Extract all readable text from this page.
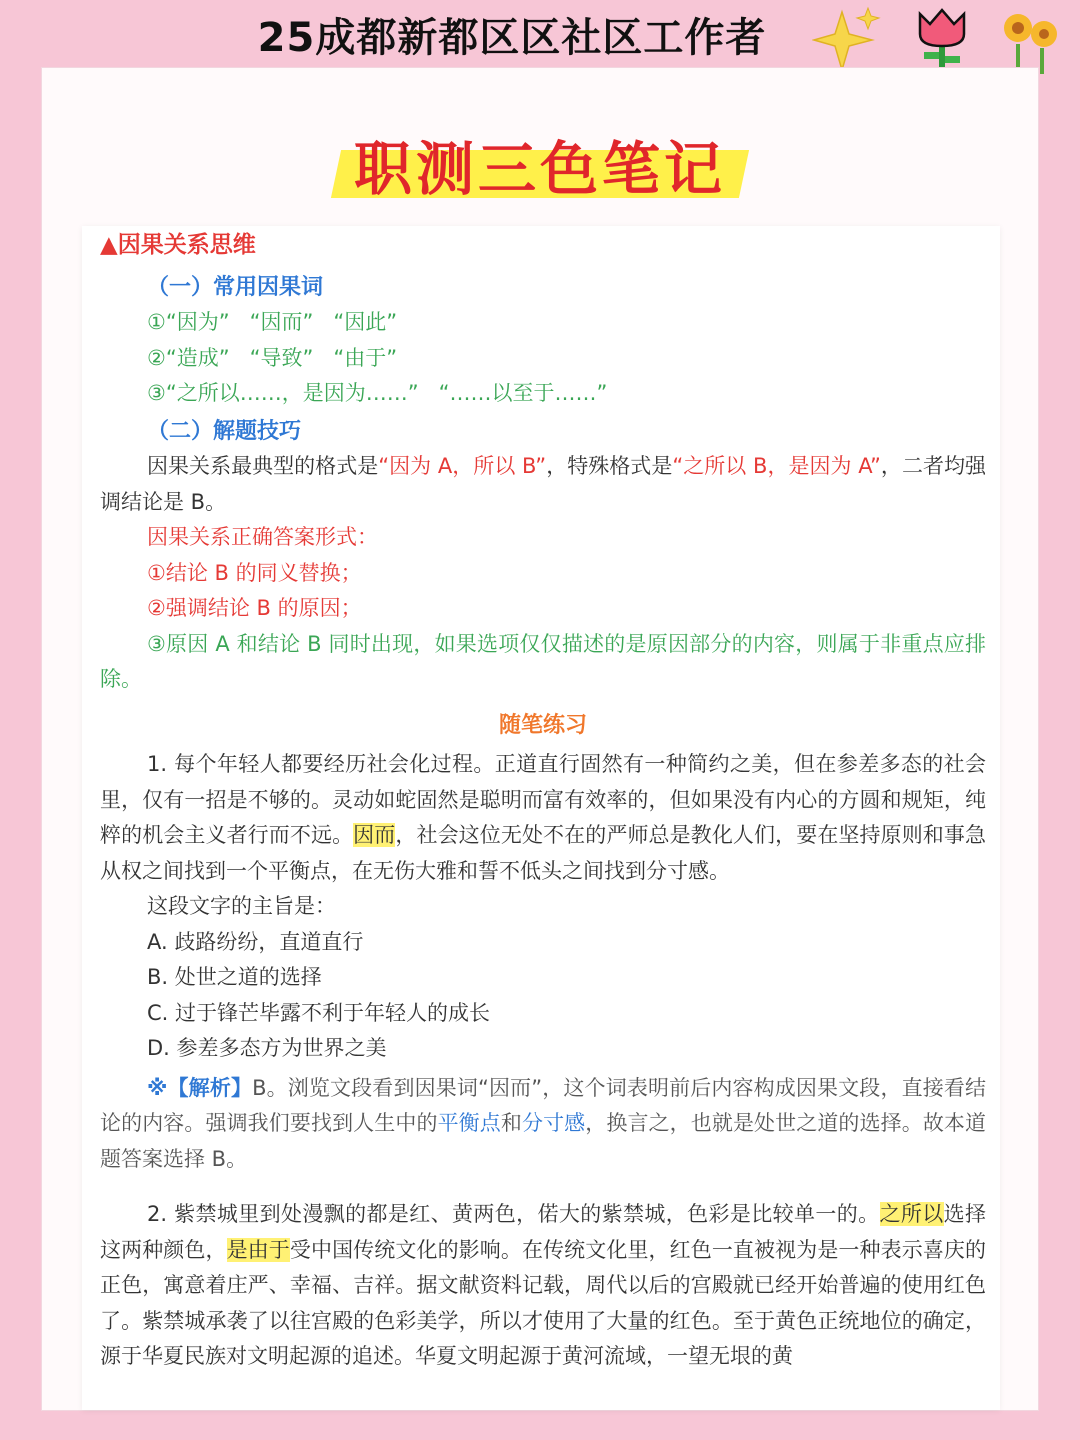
25成都新都区区社区工作者
职测三色笔记

▲因果关系思维

（一）常用因果词

①“因为”   “因而”   “因此”

②“造成”   “导致”   “由于”

③“之所以……，是因为……”   “……以至于……”

（二）解题技巧

因果关系最典型的格式是“因为 A，所以 B”，特殊格式是“之所以 B，是因为 A”，二者均强调结论是 B。

因果关系正确答案形式：

①结论 B 的同义替换；

②强调结论 B 的原因；

③原因 A 和结论 B 同时出现，如果选项仅仅描述的是原因部分的内容，则属于非重点应排除。

随笔练习

1. 每个年轻人都要经历社会化过程。正道直行固然有一种简约之美，但在参差多态的社会里，仅有一招是不够的。灵动如蛇固然是聪明而富有效率的，但如果没有内心的方圆和规矩，纯粹的机会主义者行而不远。因而，社会这位无处不在的严师总是教化人们，要在坚持原则和事急从权之间找到一个平衡点，在无伤大雅和誓不低头之间找到分寸感。

这段文字的主旨是：

A. 歧路纷纷，直道直行

B. 处世之道的选择

C. 过于锋芒毕露不利于年轻人的成长

D. 参差多态方为世界之美

※【解析】B。浏览文段看到因果词“因而”，这个词表明前后内容构成因果文段，直接看结论的内容。强调我们要找到人生中的平衡点和分寸感，换言之，也就是处世之道的选择。故本道题答案选择 B。

2. 紫禁城里到处漫飘的都是红、黄两色，偌大的紫禁城，色彩是比较单一的。之所以选择这两种颜色，是由于受中国传统文化的影响。在传统文化里，红色一直被视为是一种表示喜庆的正色，寓意着庄严、幸福、吉祥。据文献资料记载，周代以后的宫殿就已经开始普遍的使用红色了。紫禁城承袭了以往宫殿的色彩美学，所以才使用了大量的红色。至于黄色正统地位的确定，源于华夏民族对文明起源的追述。华夏文明起源于黄河流域，一望无垠的黄
